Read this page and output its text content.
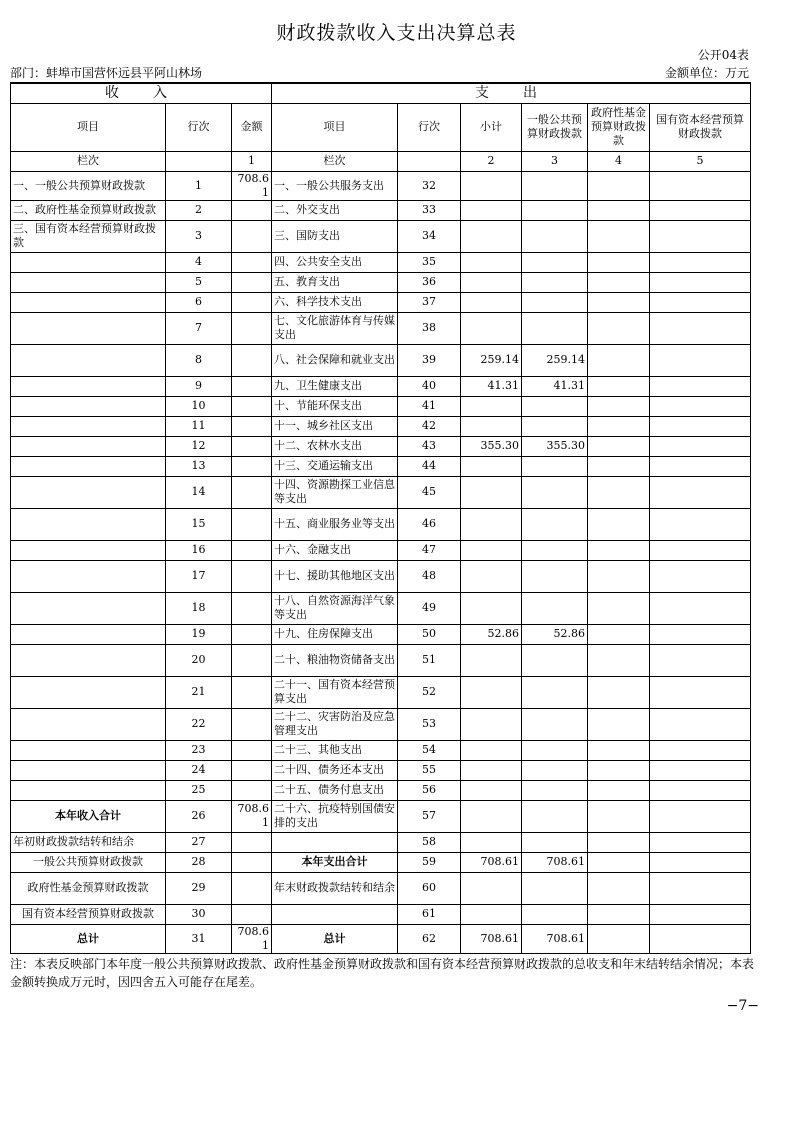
财政拨款收入支出决算总表
公开04表
部门：蚌埠市国营怀远县平阿山林场	金额单位：万元
收　入			支　出					
项目	行次	金额	项目	行次	小计	一般公共预算财政拨款	政府性基金预算财政拨款	国有资本经营预算财政拨款
栏次		1	栏次		2	3	4	5
一、一般公共预算财政拨款	1	708.61	一、一般公共服务支出	32				
二、政府性基金预算财政拨款	2		二、外交支出	33				
三、国有资本经营预算财政拨款	3		三、国防支出	34				
	4		四、公共安全支出	35				
	5		五、教育支出	36				
	6		六、科学技术支出	37				
	7		七、文化旅游体育与传媒支出	38				
	8		八、社会保障和就业支出	39	259.14	259.14		
	9		九、卫生健康支出	40	41.31	41.31		
	10		十、节能环保支出	41				
	11		十一、城乡社区支出	42				
	12		十二、农林水支出	43	355.30	355.30		
	13		十三、交通运输支出	44				
	14		十四、资源勘探工业信息等支出	45				
	15		十五、商业服务业等支出	46				
	16		十六、金融支出	47				
	17		十七、援助其他地区支出	48				
	18		十八、自然资源海洋气象等支出	49				
	19		十九、住房保障支出	50	52.86	52.86		
	20		二十、粮油物资储备支出	51				
	21		二十一、国有资本经营预算支出	52				
	22		二十二、灾害防治及应急管理支出	53				
	23		二十三、其他支出	54				
	24		二十四、债务还本支出	55				
	25		二十五、债务付息支出	56				
本年收入合计	26	708.61	二十六、抗疫特别国债安排的支出	57				
年初财政拨款结转和结余	27			58				
一般公共预算财政拨款	28		本年支出合计	59	708.61	708.61		
政府性基金预算财政拨款	29		年末财政拨款结转和结余	60				
国有资本经营预算财政拨款	30			61				
总计	31	708.61	总计	62	708.61	708.61		
注：本表反映部门本年度一般公共预算财政拨款、政府性基金预算财政拨款和国有资本经营预算财政拨款的总收支和年末结转结余情况；本表金额转换成万元时，因四舍五入可能存在尾差。
−7−
